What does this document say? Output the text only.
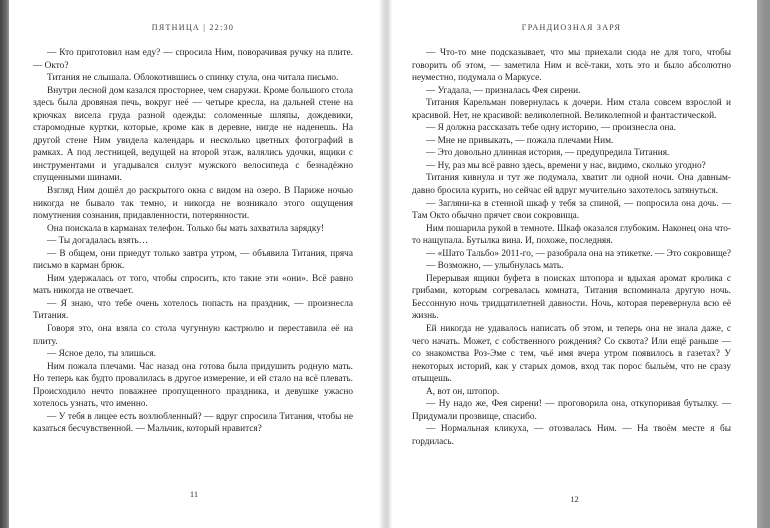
ПЯТНИЦА | 22:30

— Кто приготовил нам еду? — спросила Ним, поворачивая ручку на плите. — Окто?

Титания не слышала. Облокотившись о спинку стула, она читала письмо.

Внутри лесной дом казался просторнее, чем снаружи. Кроме большого стола здесь была дровяная печь, вокруг неё — четыре кресла, на дальней стене на крючках висела груда разной одежды: соломенные шляпы, дождевики, старомодные куртки, которые, кроме как в деревне, нигде не наденешь. На другой стене Ним увидела календарь и несколько цветных фотографий в рамках. А под лестницей, ведущей на второй этаж, валялись удочки, ящики с инструментами и угадывался силуэт мужского велосипеда с безнадёжно спущенными шинами.

Взгляд Ним дошёл до раскрытого окна с видом на озеро. В Париже ночью никогда не бывало так темно, и никогда не возникало этого ощущения помутнения сознания, придавленности, потерянности.

Она поискала в карманах телефон. Только бы мать захватила зарядку!

— Ты догадалась взять…

— В общем, они приедут только завтра утром, — объявила Титания, пряча письмо в карман брюк.

Ним удержалась от того, чтобы спросить, кто такие эти «они». Всё равно мать никогда не отвечает.

— Я знаю, что тебе очень хотелось попасть на праздник, — произнесла Титания.

Говоря это, она взяла со стола чугунную кастрюлю и переставила её на плиту.

— Ясное дело, ты злишься.

Ним пожала плечами. Час назад она готова была придушить родную мать. Но теперь как будто провалилась в другое измерение, и ей стало на всё плевать. Происходило нечто поважнее пропущенного праздника, и девушке ужасно хотелось узнать, что именно.

— У тебя в лицее есть возлюбленный? — вдруг спросила Титания, чтобы не казаться бесчувственной. — Мальчик, который нравится?

11
ГРАНДИОЗНАЯ ЗАРЯ

— Что-то мне подсказывает, что мы приехали сюда не для того, чтобы говорить об этом, — заметила Ним и всё-таки, хоть это и было абсолютно неуместно, подумала о Маркусе.

— Угадала, — призналась Фея сирени.

Титания Карельман повернулась к дочери. Ним стала совсем взрослой и красивой. Нет, не красивой: великолепной. Великолепной и фантастической.

— Я должна рассказать тебе одну историю, — произнесла она.

— Мне не привыкать, — пожала плечами Ним.

— Это довольно длинная история, — предупредила Титания.

— Ну, раз мы всё равно здесь, времени у нас, видимо, сколько угодно?

Титания кивнула и тут же подумала, хватит ли одной ночи. Она давным-давно бросила курить, но сейчас ей вдруг мучительно захотелось затянуться.

— Загляни-ка в стенной шкаф у тебя за спиной, — попросила она дочь. — Там Окто обычно прячет свои сокровища.

Ним пошарила рукой в темноте. Шкаф оказался глубоким. Наконец она что-то нащупала. Бутылка вина. И, похоже, последняя.

— «Шато Тальбо» 2011-го, — разобрала она на этикетке. — Это сокровище?

— Возможно, — улыбнулась мать.

Перерывая ящики буфета в поисках штопора и вдыхая аромат кролика с грибами, которым согревалась комната, Титания вспоминала другую ночь. Бессонную ночь тридцатилетней давности. Ночь, которая перевернула всю её жизнь.

Ей никогда не удавалось написать об этом, и теперь она не знала даже, с чего начать. Может, с собственного рождения? Со сквота? Или ещё раньше — со знакомства Роз-Эме с тем, чьё имя вчера утром появилось в газетах? У некоторых историй, как у старых домов, вход так порос быльём, что не сразу отыщешь.

А, вот он, штопор.

— Ну надо же, Фея сирени! — проговорила она, откупоривая бутылку. — Придумали прозвище, спасибо.

— Нормальная кликуха, — отозвалась Ним. — На твоём месте я бы гордилась.

12
